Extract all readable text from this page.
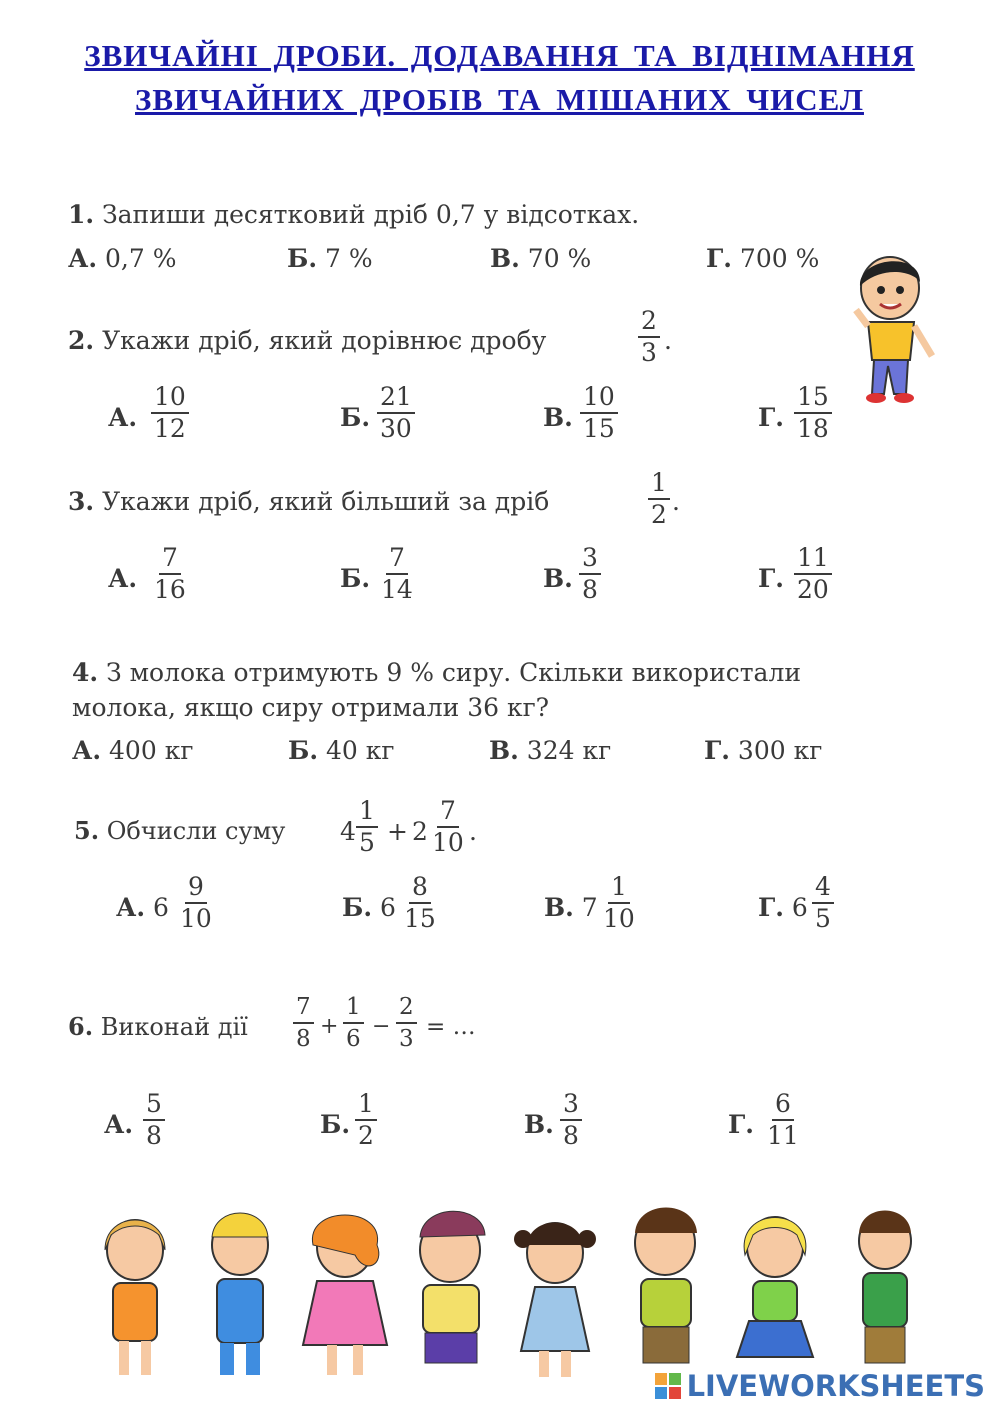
ЗВИЧАЙНІ ДРОБИ. ДОДАВАННЯ ТА ВІДНІМАННЯ
ЗВИЧАЙНИХ ДРОБІВ ТА МІШАНИХ ЧИСЕЛ
1. Запиши десятковий дріб 0,7 у відсотках.
А. 0,7 %	Б. 7 %	В. 70 %	Г. 700 %
2. Укажи дріб, який дорівнює дробу	$\frac{2}{3}$ .
А. $\frac{10}{12}$	Б. $\frac{21}{30}$	В. $\frac{10}{15}$	Г. $\frac{15}{18}$
3. Укажи дріб, який більший за дріб	$\frac{1}{2}$ .
А. $\frac{7}{16}$	Б. $\frac{7}{14}$	В. $\frac{3}{8}$	Г. $\frac{11}{20}$
4. З молока отримують 9 % сиру. Скільки використали
молока, якщо сиру отримали 36 кг?
А. 400 кг	Б. 40 кг	В. 324 кг	Г. 300 кг
5. Обчисли суму $4 \frac{1}{5} + 2 \frac{7}{10}$ .
А. $6 \frac{9}{10}$	Б. $6 \frac{8}{15}$	В. $7 \frac{1}{10}$	Г. $6 \frac{4}{5}$
6. Виконай дії $\frac{7}{8} + \frac{1}{6} - \frac{2}{3}$ = …
А. $\frac{5}{8}$	Б. $\frac{1}{2}$	В. $\frac{3}{8}$	Г. $\frac{6}{11}$
LIVEWORKSHEETS
